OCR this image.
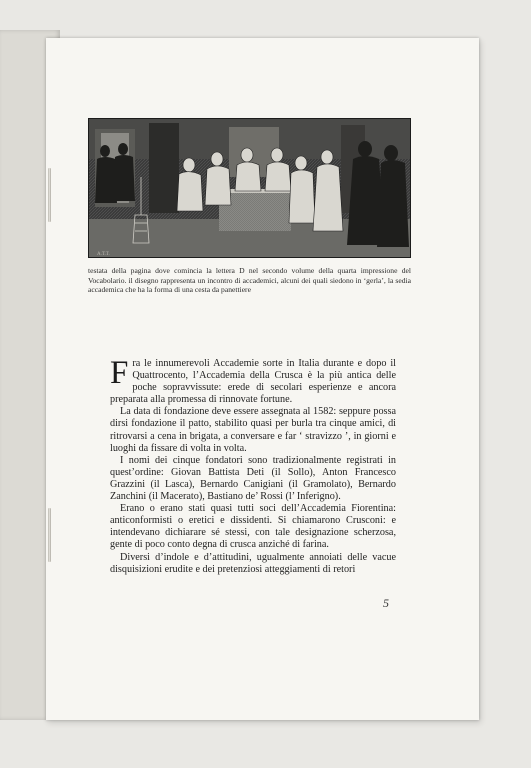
A.T.T.

testata della pagina dove comincia la lettera D nel secondo volume della quarta impressione del Vocabolario. il disegno rappresenta un incontro di accademici, alcuni dei quali siedono in ‘gerla’, la sedia accademica che ha la forma di una cesta da panettiere

Fra le innumerevoli Accademie sorte in Italia durante e dopo il Quattrocento, l’Accademia della Crusca è la più antica delle poche sopravvissute: erede di secolari esperienze e ancora preparata alla promessa di rinnovate fortune.

La data di fondazione deve essere assegnata al 1582: seppure possa dirsi fondazione il patto, stabilito quasi per burla tra cinque amici, di ritrovarsi a cena in brigata, a conversare e far ‘ stravizzo ’, in giorni e luoghi da fissare di volta in volta.

I nomi dei cinque fondatori sono tradizionalmente registrati in quest’ordine: Giovan Battista Deti (il Sollo), Anton Francesco Grazzini (il Lasca), Bernardo Canigiani (il Gramolato), Bernardo Zanchini (il Macerato), Bastiano de’ Rossi (l’ Inferigno).

Erano o erano stati quasi tutti soci dell’Accademia Fiorentina: anticonformisti o eretici e dissidenti. Si chiamarono Crusconi: e intendevano dichiarare sé stessi, con tale designazione scherzosa, gente di poco conto degna di crusca anziché di farina.

Diversi d’indole e d’attitudini, ugualmente annoiati delle vacue disquisizioni erudite e dei pretenziosi atteggiamenti di retori

5
